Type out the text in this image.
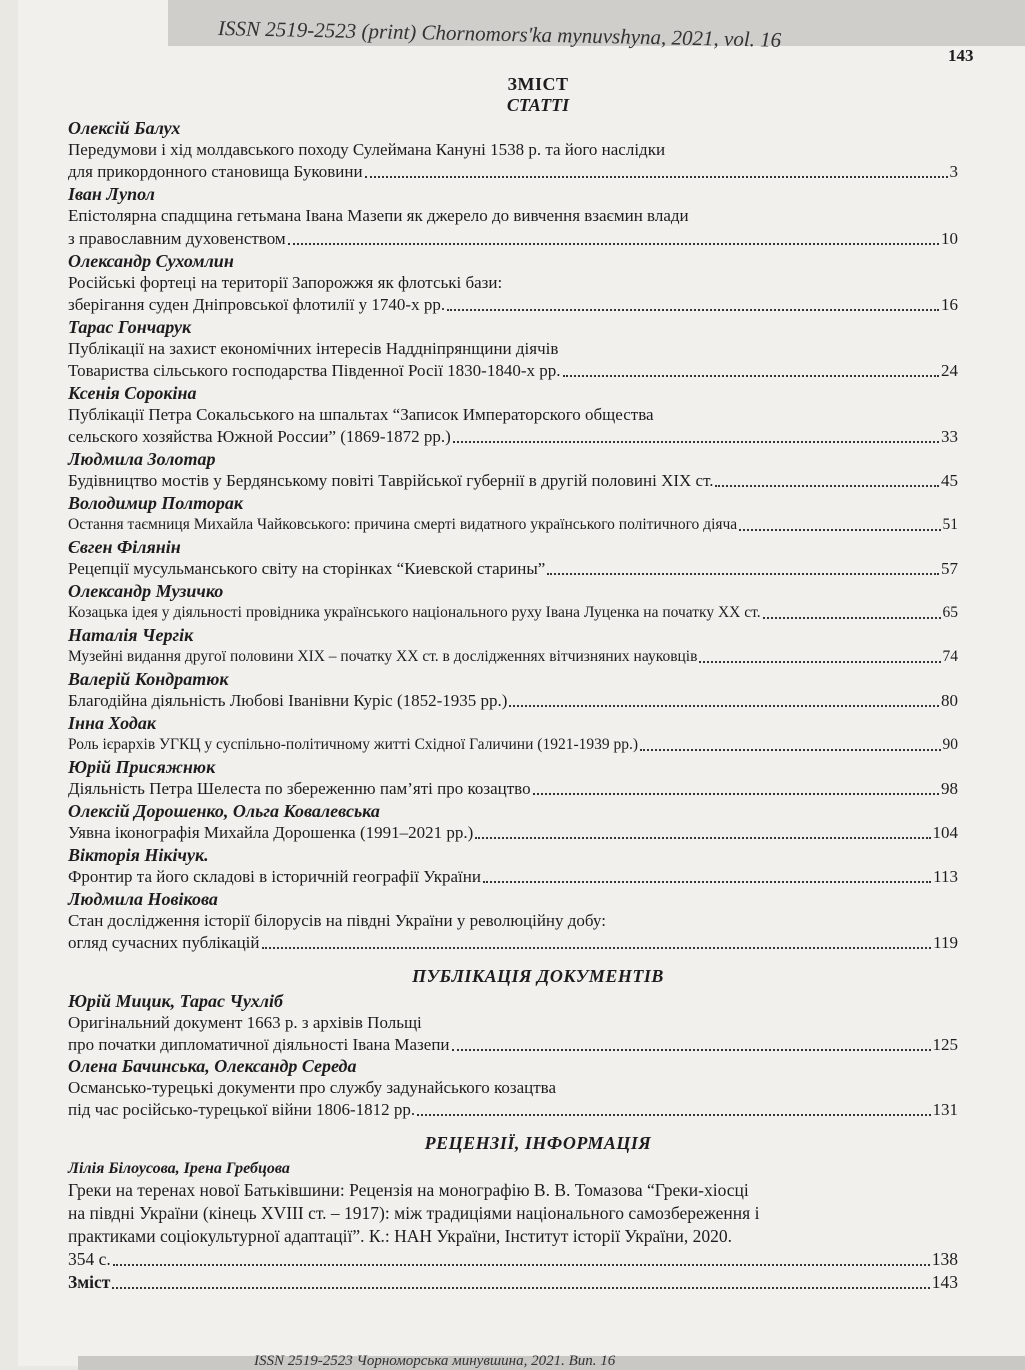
ISSN 2519-2523 (print) Chornomors'ka mynuvshyna, 2021, vol. 16
143

ЗМІСТ

СТАТТІ

Олексій Балух

Передумови і хід молдавського походу Сулеймана Кануні 1538 р. та його наслідки

для прикордонного становища Буковини	3

Іван Лупол

Епістолярна спадщина гетьмана Івана Мазепи як джерело до вивчення взаємин влади
з православним духовенством	10

Олександр Сухомлин

Російські фортеці на території Запорожжя як флотські бази:

зберігання суден Дніпровської флотилії у 1740-х рр.	16

Тарас Гончарук

Публікації на захист економічних інтересів Наддніпрянщини діячів

Товариства сільського господарства Південної Росії 1830-1840-х рр.	24

Ксенія Сорокіна

Публікації Петра Сокальського на шпальтах “Записок Императорского общества

сельского хозяйства Южной России” (1869-1872 рр.)	33

Людмила Золотар

Будівництво мостів у Бердянському повіті Таврійської губернії в другій половині ХІХ ст.	45

Володимир Полторак

Остання таємниця Михайла Чайковського: причина смерті видатного українського політичного діяча	51

Євген Філянін

Рецепції мусульманського світу на сторінках “Киевской старины”	57

Олександр Музичко

Козацька ідея у діяльності провідника українського національного руху Івана Луценка на початку ХХ ст.	65

Наталія Чергік

Музейні видання другої половини ХІХ – початку ХХ ст. в дослідженнях вітчизняних науковців	74

Валерій Кондратюк

Благодійна діяльність Любові Іванівни Куріс (1852-1935 рр.)	80

Інна Ходак

Роль ієрархів УГКЦ у суспільно-політичному житті Східної Галичини (1921-1939 рр.)	90

Юрій Присяжнюк

Діяльність Петра Шелеста по збереженню пам’яті про козацтво	98

Олексій Дорошенко, Ольга Ковалевська

Уявна іконографія Михайла Дорошенка (1991–2021 рр.)	104

Вікторія Нікічук.

Фронтир та його складові в історичній географії України	113

Людмила Новікова

Стан дослідження історії білорусів на півдні України у революційну добу:

огляд сучасних публікацій	119

ПУБЛІКАЦІЯ ДОКУМЕНТІВ

Юрій Мицик, Тарас Чухліб

Оригінальний документ 1663 р. з архівів Польщі

про початки дипломатичної діяльності Івана Мазепи	125

Олена Бачинська, Олександр Середа

Османсько-турецькі документи про службу задунайського козацтва

під час російсько-турецької війни 1806-1812 рр.	131

РЕЦЕНЗІЇ, ІНФОРМАЦІЯ

Лілія Білоусова, Ірена Гребцова

Греки на теренах нової Батьківшини: Рецензія на монографію В. В. Томазова “Греки-хіосці

на півдні України (кінець XVIII ст. – 1917): між традиціями національного самозбереження і

практиками соціокультурної адаптації”. К.: НАН України, Інститут історії України, 2020.

354 с.	138
Зміст	143
ISSN 2519-2523 Чорноморська минувшина, 2021. Вип. 16
